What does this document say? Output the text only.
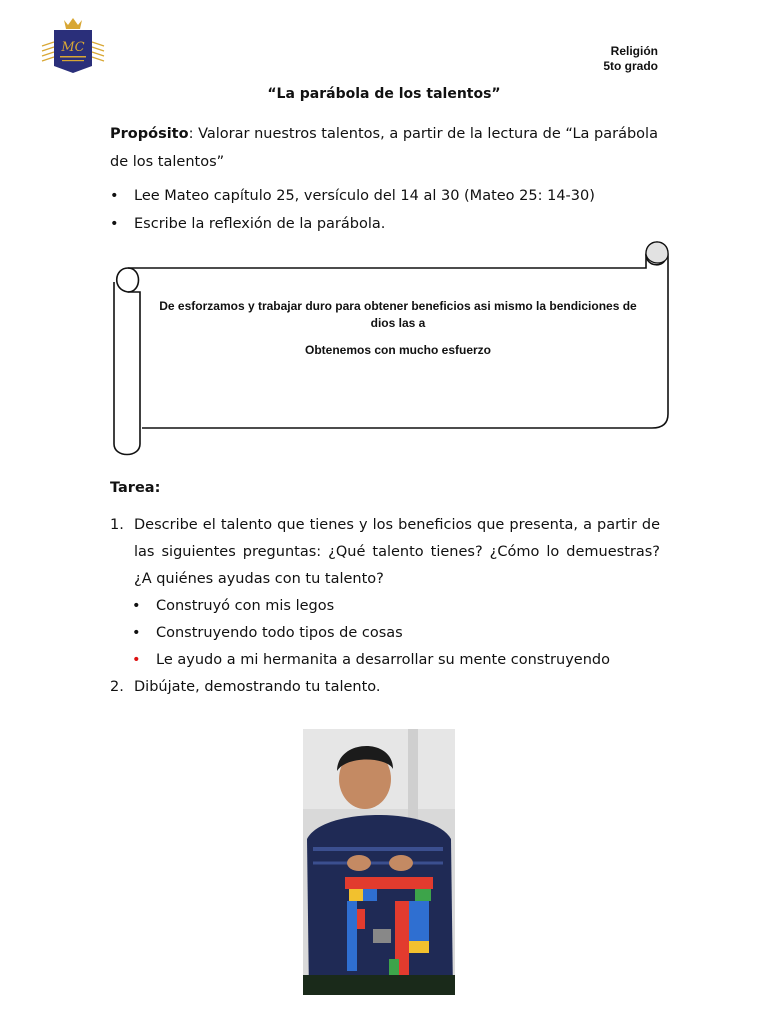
MC	Religión
5to grado
“La parábola de los talentos”
Propósito: Valorar nuestros talentos, a partir de la lectura de “La parábola de los talentos”
• Lee Mateo capítulo 25, versículo del 14 al 30 (Mateo 25: 14-30)
• Escribe la reflexión de la parábola.
De esforzamos y trabajar duro para obtener beneficios asi mismo la bendiciones de dios las a
Obtenemos con mucho esfuerzo
Tarea:
1. Describe el talento que tienes y los beneficios que presenta, a partir de las siguientes preguntas: ¿Qué talento tienes? ¿Cómo lo demuestras? ¿A quiénes ayudas con tu talento?
• Construyó con mis legos
• Construyendo todo tipos de cosas
• Le ayudo a mi hermanita a desarrollar su mente construyendo
2. Dibújate, demostrando tu talento.
